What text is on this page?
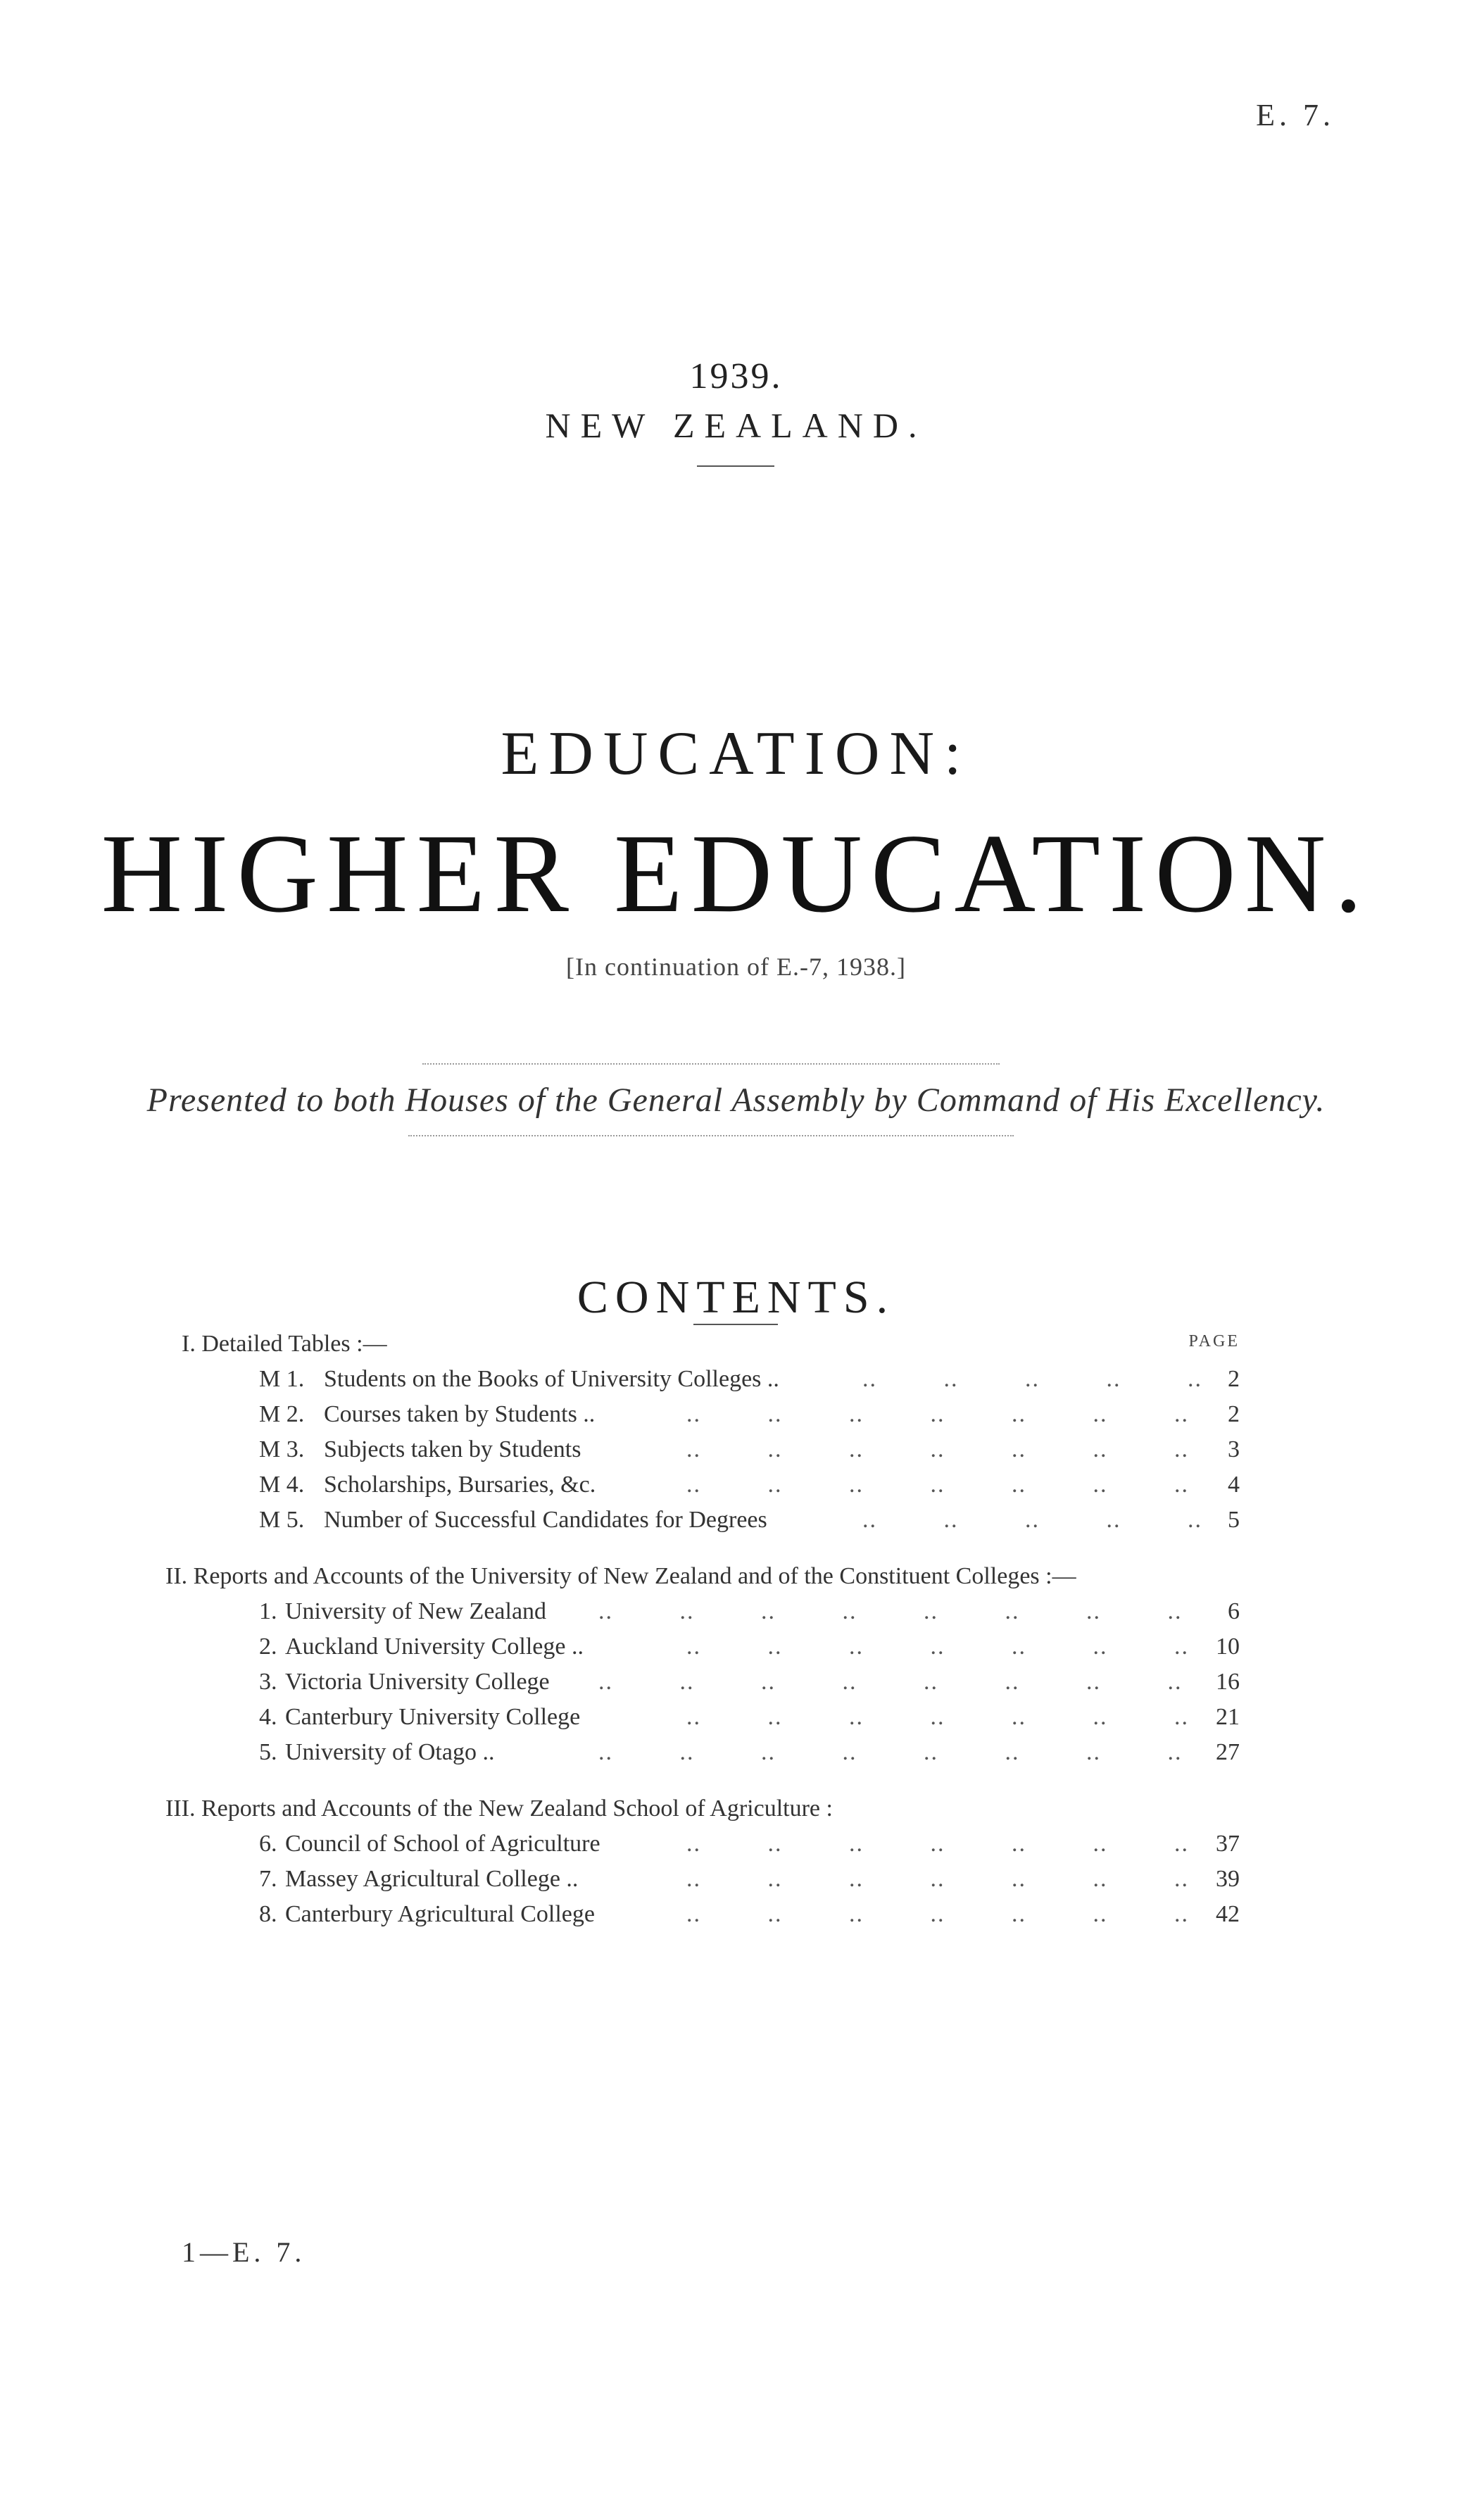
E. 7.
1939.
NEW ZEALAND.
EDUCATION:
HIGHER EDUCATION.
[In continuation of E.-7, 1938.]
Presented to both Houses of the General Assembly by Command of His Excellency.
CONTENTS.
PAGE
I. Detailed Tables :—
M 1. Students on the Books of University Colleges ..	..         ..         ..         ..         ..	2
M 2. Courses taken by Students ..	..         ..         ..         ..         ..         ..         ..	2
M 3. Subjects taken by Students	..         ..         ..         ..         ..         ..         ..	3
M 4. Scholarships, Bursaries, &c.	..         ..         ..         ..         ..         ..         ..	4
M 5. Number of Successful Candidates for Degrees	..         ..         ..         ..         ..	5
II. Reports and Accounts of the University of New Zealand and of the Constituent Colleges :—
1. University of New Zealand ..         ..         ..         ..         ..         ..         ..         ..	6
2. Auckland University College ..	..         ..         ..         ..         ..         ..         ..	10
3. Victoria University College ..         ..         ..         ..         ..         ..         ..         ..	16
4. Canterbury University College	..         ..         ..         ..         ..         ..         ..	21
5. University of Otago ..	..         ..         ..         ..         ..         ..         ..         ..	27
III. Reports and Accounts of the New Zealand School of Agriculture :
6. Council of School of Agriculture	..         ..         ..         ..         ..         ..         ..	37
7. Massey Agricultural College ..	..         ..         ..         ..         ..         ..         ..	39
8. Canterbury Agricultural College	..         ..         ..         ..         ..         ..         ..	42
1—E. 7.
